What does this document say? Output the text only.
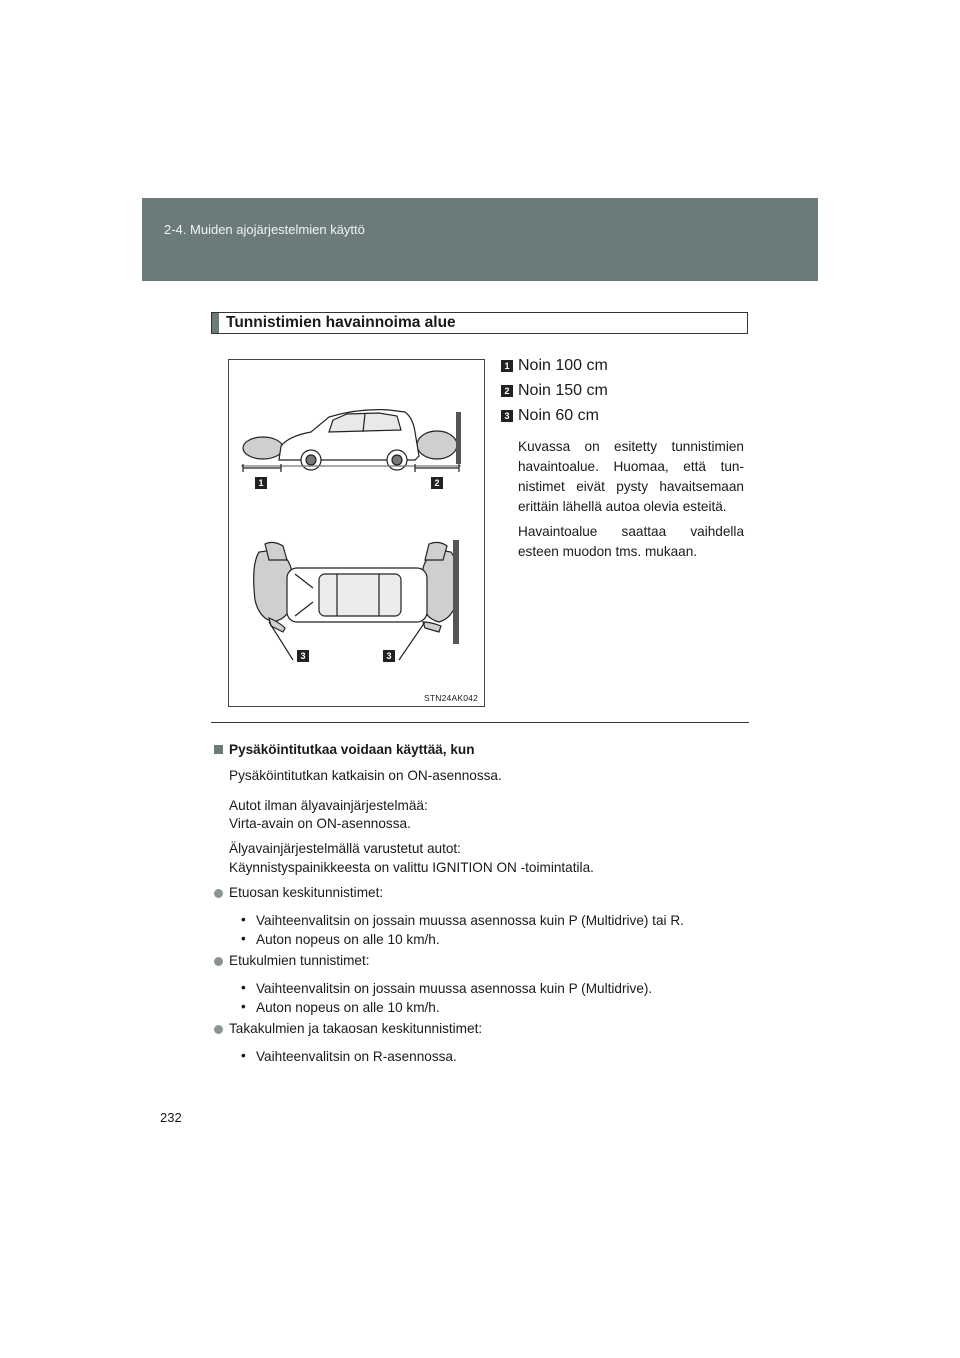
2-4. Muiden ajojärjestelmien käyttö
Tunnistimien havainnoima alue
1	2
3	3
STN24AK042
1 Noin 100 cm
2 Noin 150 cm
3 Noin 60 cm
Kuvassa on esitetty tunnistimien havaintoalue. Huomaa, että tun-nistimet eivät pysty havaitsemaan erittäin lähellä autoa olevia esteitä.
Havaintoalue saattaa vaihdella esteen muodon tms. mukaan.
Pysäköintitutkaa voidaan käyttää, kun
Pysäköintitutkan katkaisin on ON-asennossa.
Autot ilman älyavainjärjestelmää:
Virta-avain on ON-asennossa.
Älyavainjärjestelmällä varustetut autot:
Käynnistyspainikkeesta on valittu IGNITION ON -toimintatila.
Etuosan keskitunnistimet:
• Vaihteenvalitsin on jossain muussa asennossa kuin P (Multidrive) tai R.
• Auton nopeus on alle 10 km/h.
Etukulmien tunnistimet:
• Vaihteenvalitsin on jossain muussa asennossa kuin P (Multidrive).
• Auton nopeus on alle 10 km/h.
Takakulmien ja takaosan keskitunnistimet:
• Vaihteenvalitsin on R-asennossa.
232
